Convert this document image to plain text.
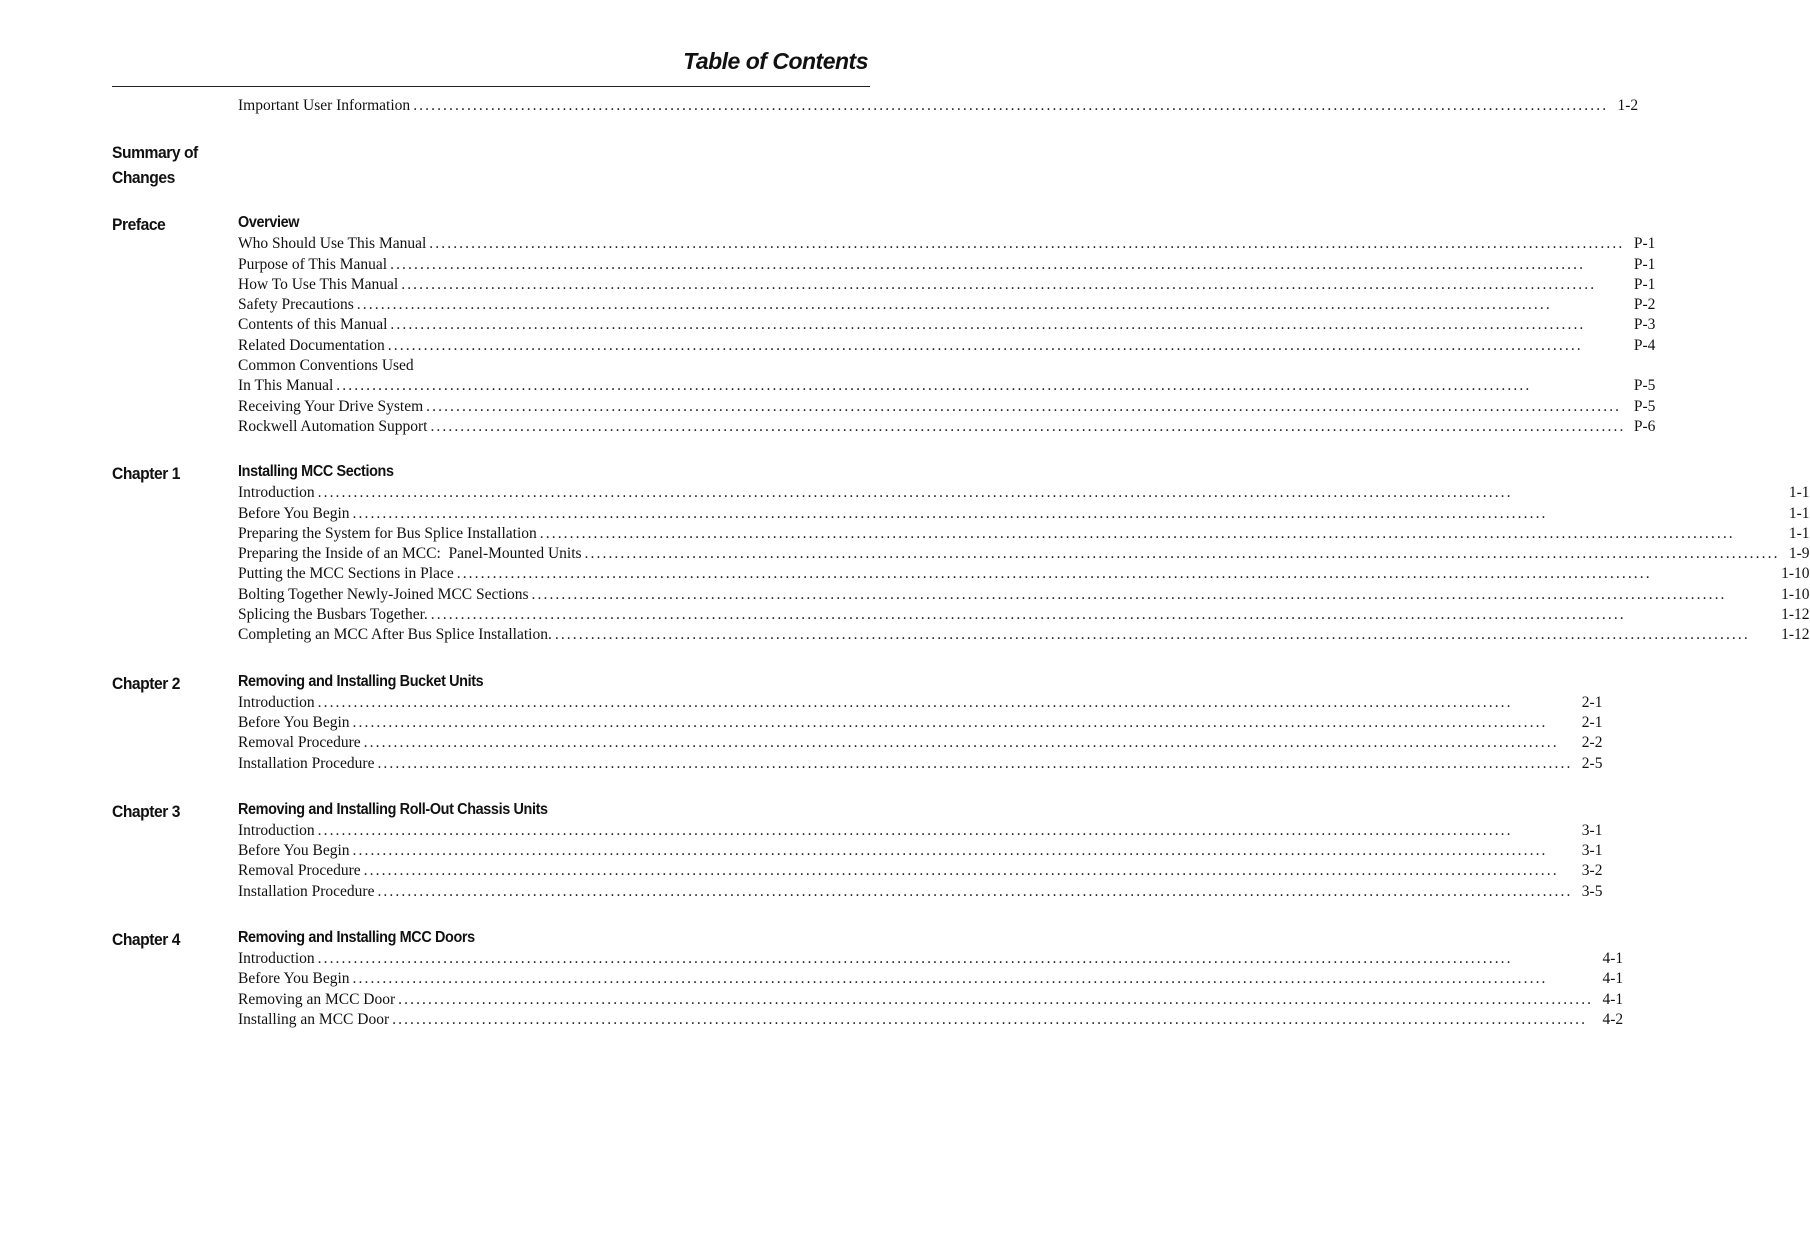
Table of Contents
Important User Information ........................................................................................................................................................................................................ 1-2
Summary of
Changes
Preface	Overview
Who Should Use This Manual ........................................................................................................................................................................................................ P-1
Purpose of This Manual ........................................................................................................................................................................................................	P-1
How To Use This Manual ........................................................................................................................................................................................................	P-1
Safety Precautions ........................................................................................................................................................................................................	P-2
Contents of this Manual ........................................................................................................................................................................................................	P-3
Related Documentation ........................................................................................................................................................................................................	P-4
Common Conventions Used
In This Manual ........................................................................................................................................................................................................	P-5
Receiving Your Drive System ........................................................................................................................................................................................................ P-5
Rockwell Automation Support ........................................................................................................................................................................................................ P-6
Chapter 1	Installing MCC Sections
Introduction ........................................................................................................................................................................................................	1-1
Before You Begin ........................................................................................................................................................................................................	1-1
Preparing the System for Bus Splice Installation ........................................................................................................................................................................................................	1-1
Preparing the Inside of an MCC:  Panel-Mounted Units ........................................................................................................................................................................................................ 1-9
Putting the MCC Sections in Place ........................................................................................................................................................................................................	1-10
Bolting Together Newly-Joined MCC Sections ........................................................................................................................................................................................................	1-10
Splicing the Busbars Together. ........................................................................................................................................................................................................	1-12
Completing an MCC After Bus Splice Installation. ........................................................................................................................................................................................................	1-12
Chapter 2	Removing and Installing Bucket Units
Introduction ........................................................................................................................................................................................................	2-1
Before You Begin ........................................................................................................................................................................................................	2-1
Removal Procedure ........................................................................................................................................................................................................	2-2
Installation Procedure ........................................................................................................................................................................................................ 2-5
Chapter 3	Removing and Installing Roll-Out Chassis Units
Introduction ........................................................................................................................................................................................................	3-1
Before You Begin ........................................................................................................................................................................................................	3-1
Removal Procedure ........................................................................................................................................................................................................	3-2
Installation Procedure ........................................................................................................................................................................................................ 3-5
Chapter 4	Removing and Installing MCC Doors
Introduction ........................................................................................................................................................................................................	4-1
Before You Begin ........................................................................................................................................................................................................	4-1
Removing an MCC Door ........................................................................................................................................................................................................ 4-1
Installing an MCC Door ........................................................................................................................................................................................................ 4-2
